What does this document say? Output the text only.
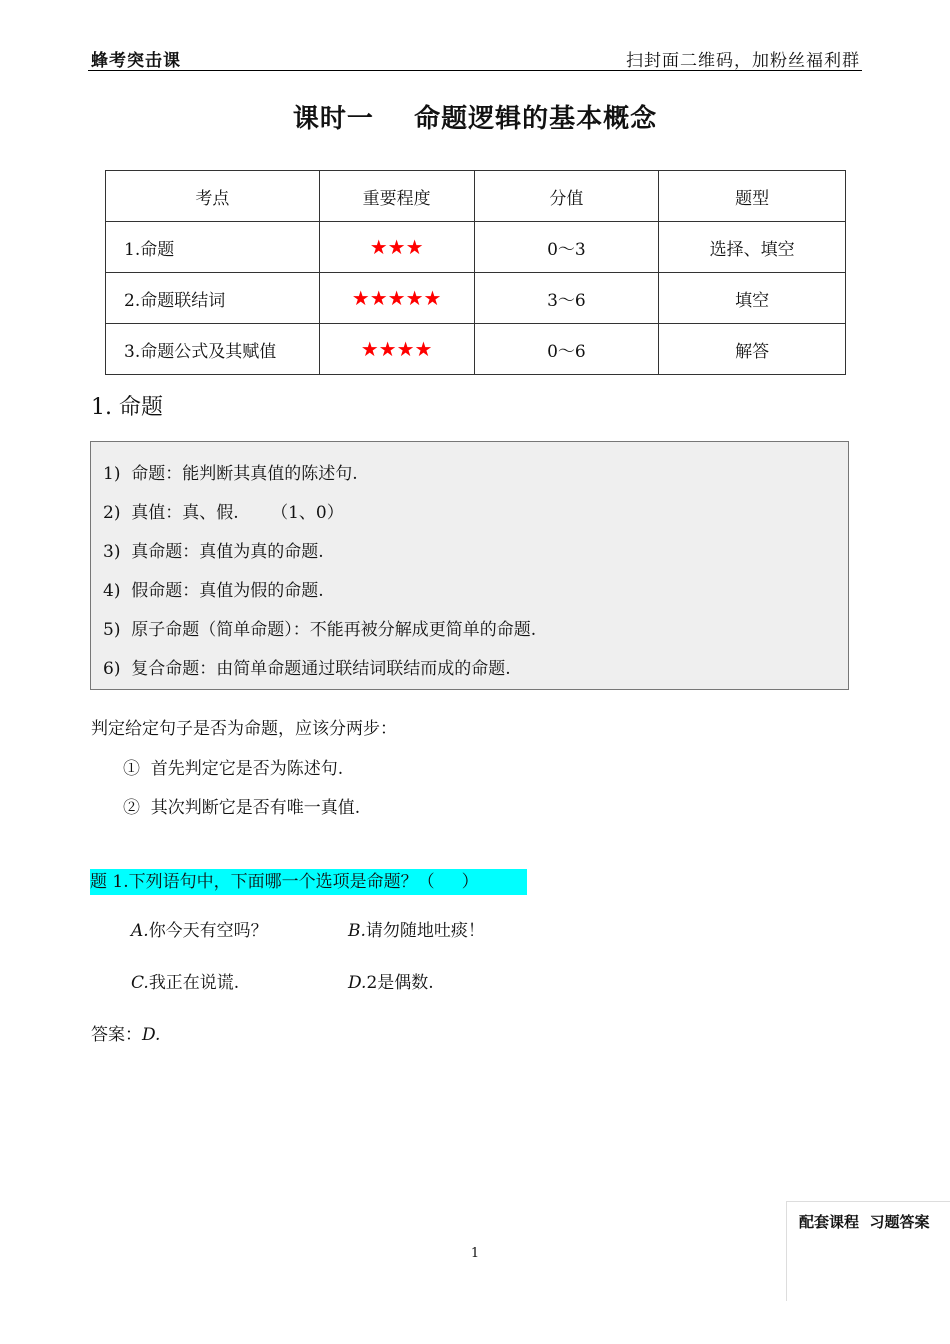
蜂考突击课	扫封面二维码，加粉丝福利群
课时一    命题逻辑的基本概念
考点	重要程度	分值	题型
1.命题	★★★	0～3	选择、填空
2.命题联结词	★★★★★	3～6	填空
3.命题公式及其赋值	★★★★	0～6	解答
1. 命题
1)  命题：能判断其真值的陈述句.
2)  真值：真、假.      （1、0）
3)  真命题：真值为真的命题.
4)  假命题：真值为假的命题.
5)  原子命题（简单命题）：不能再被分解成更简单的命题.
6)  复合命题：由简单命题通过联结词联结而成的命题.
判定给定句子是否为命题，应该分两步：
①  首先判定它是否为陈述句.
②  其次判断它是否有唯一真值.
题 1.下列语句中，下面哪一个选项是命题？（     ）
A.你今天有空吗？	B.请勿随地吐痰！
C.我正在说谎.	D.2是偶数.
答案：D.
1
配套课程  习题答案
